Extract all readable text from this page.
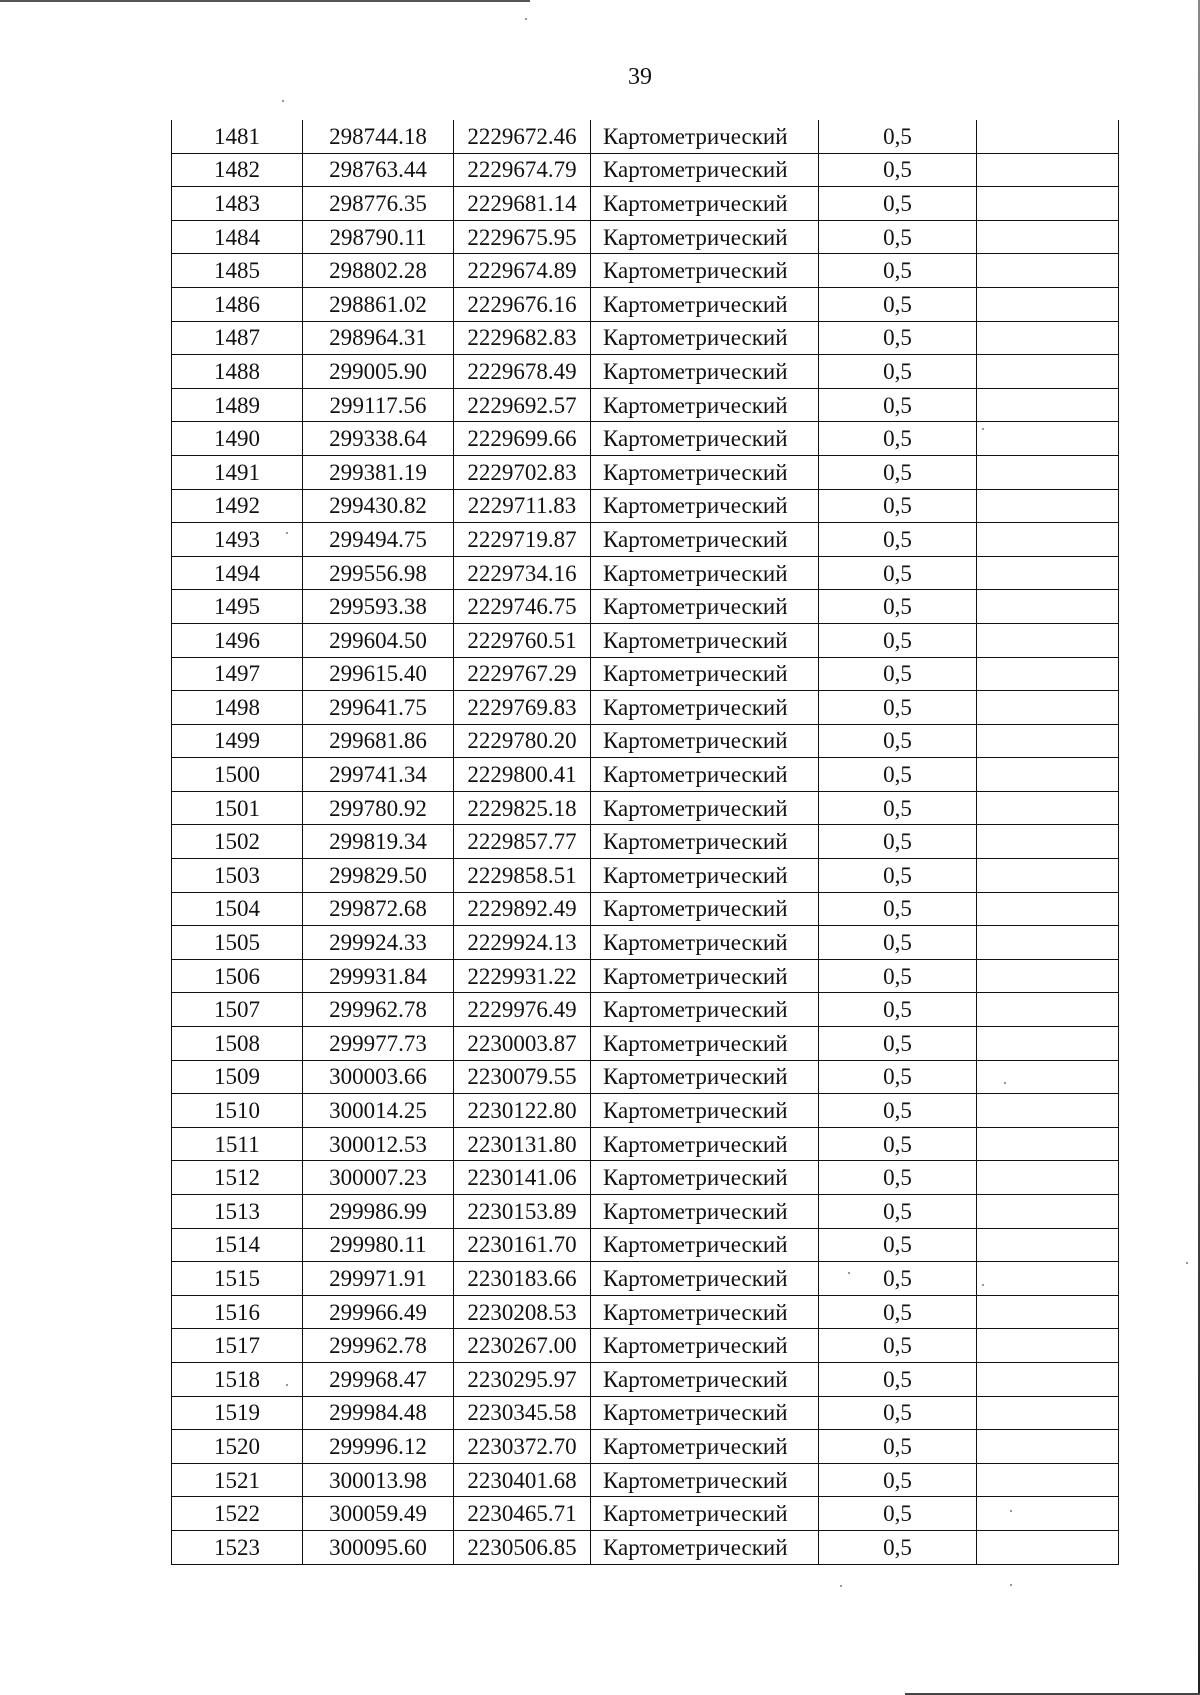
39
1481	298744.18	2229672.46	Картометрический	0,5	
1482	298763.44	2229674.79	Картометрический	0,5	
1483	298776.35	2229681.14	Картометрический	0,5	
1484	298790.11	2229675.95	Картометрический	0,5	
1485	298802.28	2229674.89	Картометрический	0,5	
1486	298861.02	2229676.16	Картометрический	0,5	
1487	298964.31	2229682.83	Картометрический	0,5	
1488	299005.90	2229678.49	Картометрический	0,5	
1489	299117.56	2229692.57	Картометрический	0,5	
1490	299338.64	2229699.66	Картометрический	0,5	
1491	299381.19	2229702.83	Картометрический	0,5	
1492	299430.82	2229711.83	Картометрический	0,5	
1493	299494.75	2229719.87	Картометрический	0,5	
1494	299556.98	2229734.16	Картометрический	0,5	
1495	299593.38	2229746.75	Картометрический	0,5	
1496	299604.50	2229760.51	Картометрический	0,5	
1497	299615.40	2229767.29	Картометрический	0,5	
1498	299641.75	2229769.83	Картометрический	0,5	
1499	299681.86	2229780.20	Картометрический	0,5	
1500	299741.34	2229800.41	Картометрический	0,5	
1501	299780.92	2229825.18	Картометрический	0,5	
1502	299819.34	2229857.77	Картометрический	0,5	
1503	299829.50	2229858.51	Картометрический	0,5	
1504	299872.68	2229892.49	Картометрический	0,5	
1505	299924.33	2229924.13	Картометрический	0,5	
1506	299931.84	2229931.22	Картометрический	0,5	
1507	299962.78	2229976.49	Картометрический	0,5	
1508	299977.73	2230003.87	Картометрический	0,5	
1509	300003.66	2230079.55	Картометрический	0,5	
1510	300014.25	2230122.80	Картометрический	0,5	
1511	300012.53	2230131.80	Картометрический	0,5	
1512	300007.23	2230141.06	Картометрический	0,5	
1513	299986.99	2230153.89	Картометрический	0,5	
1514	299980.11	2230161.70	Картометрический	0,5	
1515	299971.91	2230183.66	Картометрический	0,5	
1516	299966.49	2230208.53	Картометрический	0,5	
1517	299962.78	2230267.00	Картометрический	0,5	
1518	299968.47	2230295.97	Картометрический	0,5	
1519	299984.48	2230345.58	Картометрический	0,5	
1520	299996.12	2230372.70	Картометрический	0,5	
1521	300013.98	2230401.68	Картометрический	0,5	
1522	300059.49	2230465.71	Картометрический	0,5	
1523	300095.60	2230506.85	Картометрический	0,5	
